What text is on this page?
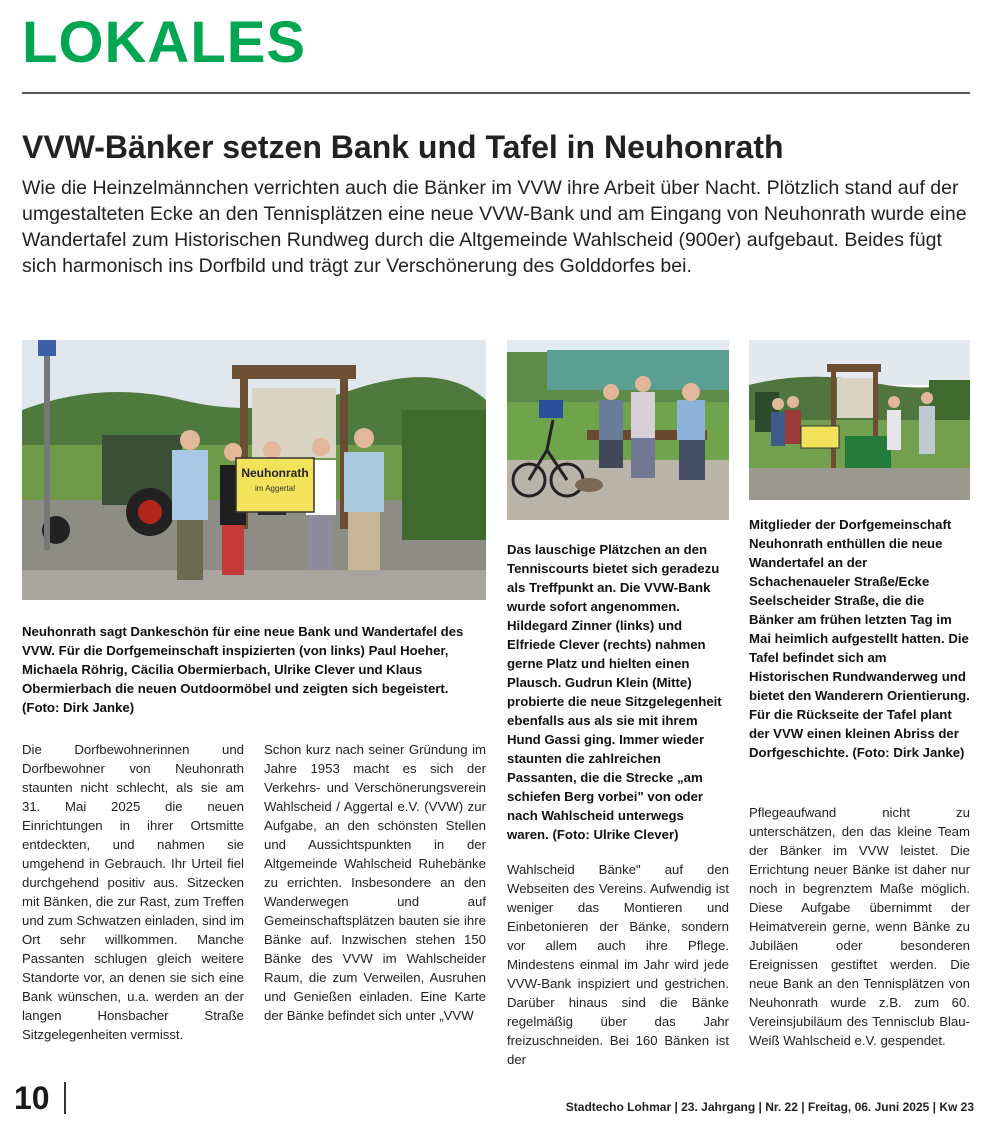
LOKALES
VVW-Bänker setzen Bank und Tafel in Neuhonrath

Wie die Heinzelmännchen verrichten auch die Bänker im VVW ihre Arbeit über Nacht. Plötzlich stand auf der umgestalteten Ecke an den Tennisplätzen eine neue VVW-Bank und am Eingang von Neuhonrath wurde eine Wandertafel zum Historischen Rundweg durch die Altgemeinde Wahlscheid (900er) aufgebaut. Beides fügt sich harmonisch ins Dorfbild und trägt zur Verschönerung des Golddorfes bei.

Neuhonrath
im Aggertal
Neuhonrath sagt Dankeschön für eine neue Bank und Wandertafel des VVW. Für die Dorfgemeinschaft inspizierten (von links) Paul Hoeher, Michaela Röhrig, Cäcilia Obermierbach, Ulrike Clever und Klaus Obermierbach die neuen Outdoormöbel und zeigten sich begeistert. (Foto: Dirk Janke)
Das lauschige Plätzchen an den Tenniscourts bietet sich geradezu als Treffpunkt an. Die VVW-Bank wurde sofort angenommen. Hildegard Zinner (links) und Elfriede Clever (rechts) nahmen gerne Platz und hielten einen Plausch. Gudrun Klein (Mitte) probierte die neue Sitzgelegenheit ebenfalls aus als sie mit ihrem Hund Gassi ging. Immer wieder staunten die zahlreichen Passanten, die die Strecke „am schiefen Berg vorbei" von oder nach Wahlscheid unterwegs waren. (Foto: Ulrike Clever)
Mitglieder der Dorfgemeinschaft Neuhonrath enthüllen die neue Wandertafel an der Schachenaueler Straße/Ecke Seelscheider Straße, die die Bänker am frühen letzten Tag im Mai heimlich aufgestellt hatten. Die Tafel befindet sich am Historischen Rundwanderweg und bietet den Wanderern Orientierung. Für die Rückseite der Tafel plant der VVW einen kleinen Abriss der Dorfgeschichte. (Foto: Dirk Janke)
Die Dorfbewohnerinnen und Dorfbewohner von Neuhonrath staunten nicht schlecht, als sie am 31. Mai 2025 die neuen Einrichtungen in ihrer Ortsmitte entdeckten, und nahmen sie umgehend in Gebrauch. Ihr Urteil fiel durchgehend positiv aus. Sitzecken mit Bänken, die zur Rast, zum Treffen und zum Schwatzen einladen, sind im Ort sehr willkommen. Manche Passanten schlugen gleich weitere Standorte vor, an denen sie sich eine Bank wünschen, u.a. werden an der langen Honsbacher Straße Sitzgelegenheiten vermisst.
Schon kurz nach seiner Gründung im Jahre 1953 macht es sich der Verkehrs- und Verschönerungsverein Wahlscheid / Aggertal e.V. (VVW) zur Aufgabe, an den schönsten Stellen und Aussichtspunkten in der Altgemeinde Wahlscheid Ruhebänke zu errichten. Insbesondere an den Wanderwegen und auf Gemeinschaftsplätzen bauten sie ihre Bänke auf. Inzwischen stehen 150 Bänke des VVW im Wahlscheider Raum, die zum Verweilen, Ausruhen und Genießen einladen. Eine Karte der Bänke befindet sich unter „VVW
Wahlscheid Bänke" auf den Webseiten des Vereins. Aufwendig ist weniger das Montieren und Einbetonieren der Bänke, sondern vor allem auch ihre Pflege. Mindestens einmal im Jahr wird jede VVW-Bank inspiziert und gestrichen. Darüber hinaus sind die Bänke regelmäßig über das Jahr freizuschneiden. Bei 160 Bänken ist der
Pflegeaufwand nicht zu unterschätzen, den das kleine Team der Bänker im VVW leistet. Die Errichtung neuer Bänke ist daher nur noch in begrenztem Maße möglich. Diese Aufgabe übernimmt der Heimatverein gerne, wenn Bänke zu Jubiläen oder besonderen Ereignissen gestiftet werden. Die neue Bank an den Tennisplätzen von Neuhonrath wurde z.B. zum 60. Vereinsjubiläum des Tennisclub Blau-Weiß Wahlscheid e.V. gespendet.
10	Stadtecho Lohmar | 23. Jahrgang | Nr. 22 | Freitag, 06. Juni 2025 | Kw 23
